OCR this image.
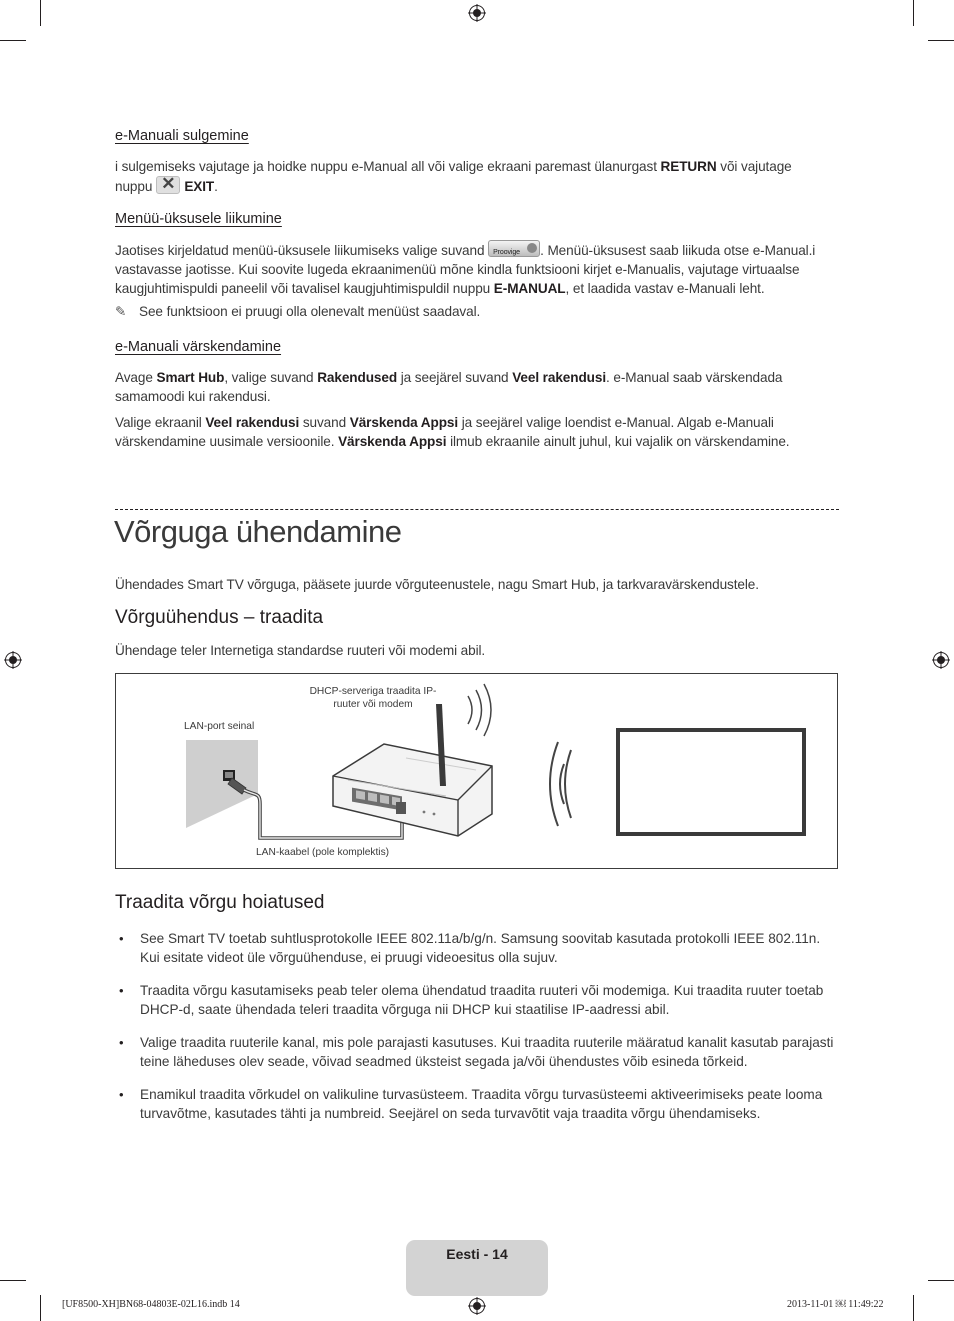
e-Manuali sulgemine
i sulgemiseks vajutage ja hoidke nuppu e-Manual all või valige ekraani paremast ülanurgast RETURN või vajutage
nuppu ✕ EXIT.
Menüü-üksusele liikumine
Jaotises kirjeldatud menüü-üksusele liikumiseks valige suvand Proovige . Menüü-üksusest saab liikuda otse e-Manual.i
vastavasse jaotisse. Kui soovite lugeda ekraanimenüü mõne kindla funktsiooni kirjet e-Manualis, vajutage virtuaalse
kaugjuhtimispuldi paneelil või tavalisel kaugjuhtimispuldil nuppu E-MANUAL, et laadida vastav e-Manuali leht.
✎ See funktsioon ei pruugi olla olenevalt menüüst saadaval.
e-Manuali värskendamine
Avage Smart Hub, valige suvand Rakendused ja seejärel suvand Veel rakendusi. e-Manual saab värskendada
samamoodi kui rakendusi.
Valige ekraanil Veel rakendusi suvand Värskenda Appsi ja seejärel valige loendist e-Manual. Algab e-Manuali
värskendamine uusimale versioonile. Värskenda Appsi ilmub ekraanile ainult juhul, kui vajalik on värskendamine.
Võrguga ühendamine
Ühendades Smart TV võrguga, pääsete juurde võrguteenustele, nagu Smart Hub, ja tarkvaravärskendustele.
Võrguühendus – traadita
Ühendage teler Internetiga standardse ruuteri või modemi abil.
DHCP-serveriga traadita IP-
ruuter või modem
LAN-port seinal
LAN-kaabel (pole komplektis)
Traadita võrgu hoiatused
• See Smart TV toetab suhtlusprotokolle IEEE 802.11a/b/g/n. Samsung soovitab kasutada protokolli IEEE 802.11n.
Kui esitate videot üle võrguühenduse, ei pruugi videoesitus olla sujuv.
• Traadita võrgu kasutamiseks peab teler olema ühendatud traadita ruuteri või modemiga. Kui traadita ruuter toetab
DHCP-d, saate ühendada teleri traadita võrguga nii DHCP kui staatilise IP-aadressi abil.
• Valige traadita ruuterile kanal, mis pole parajasti kasutuses. Kui traadita ruuterile määratud kanalit kasutab parajasti
teine läheduses olev seade, võivad seadmed üksteist segada ja/või ühendustes võib esineda tõrkeid.
• Enamikul traadita võrkudel on valikuline turvasüsteem. Traadita võrgu turvasüsteemi aktiveerimiseks peate looma
turvavõtme, kasutades tähti ja numbreid. Seejärel on seda turvavõtit vaja traadita võrgu ühendamiseks.
Eesti - 14
[UF8500-XH]BN68-04803E-02L16.indb 14	2013-11-01 ￼ 11:49:22
